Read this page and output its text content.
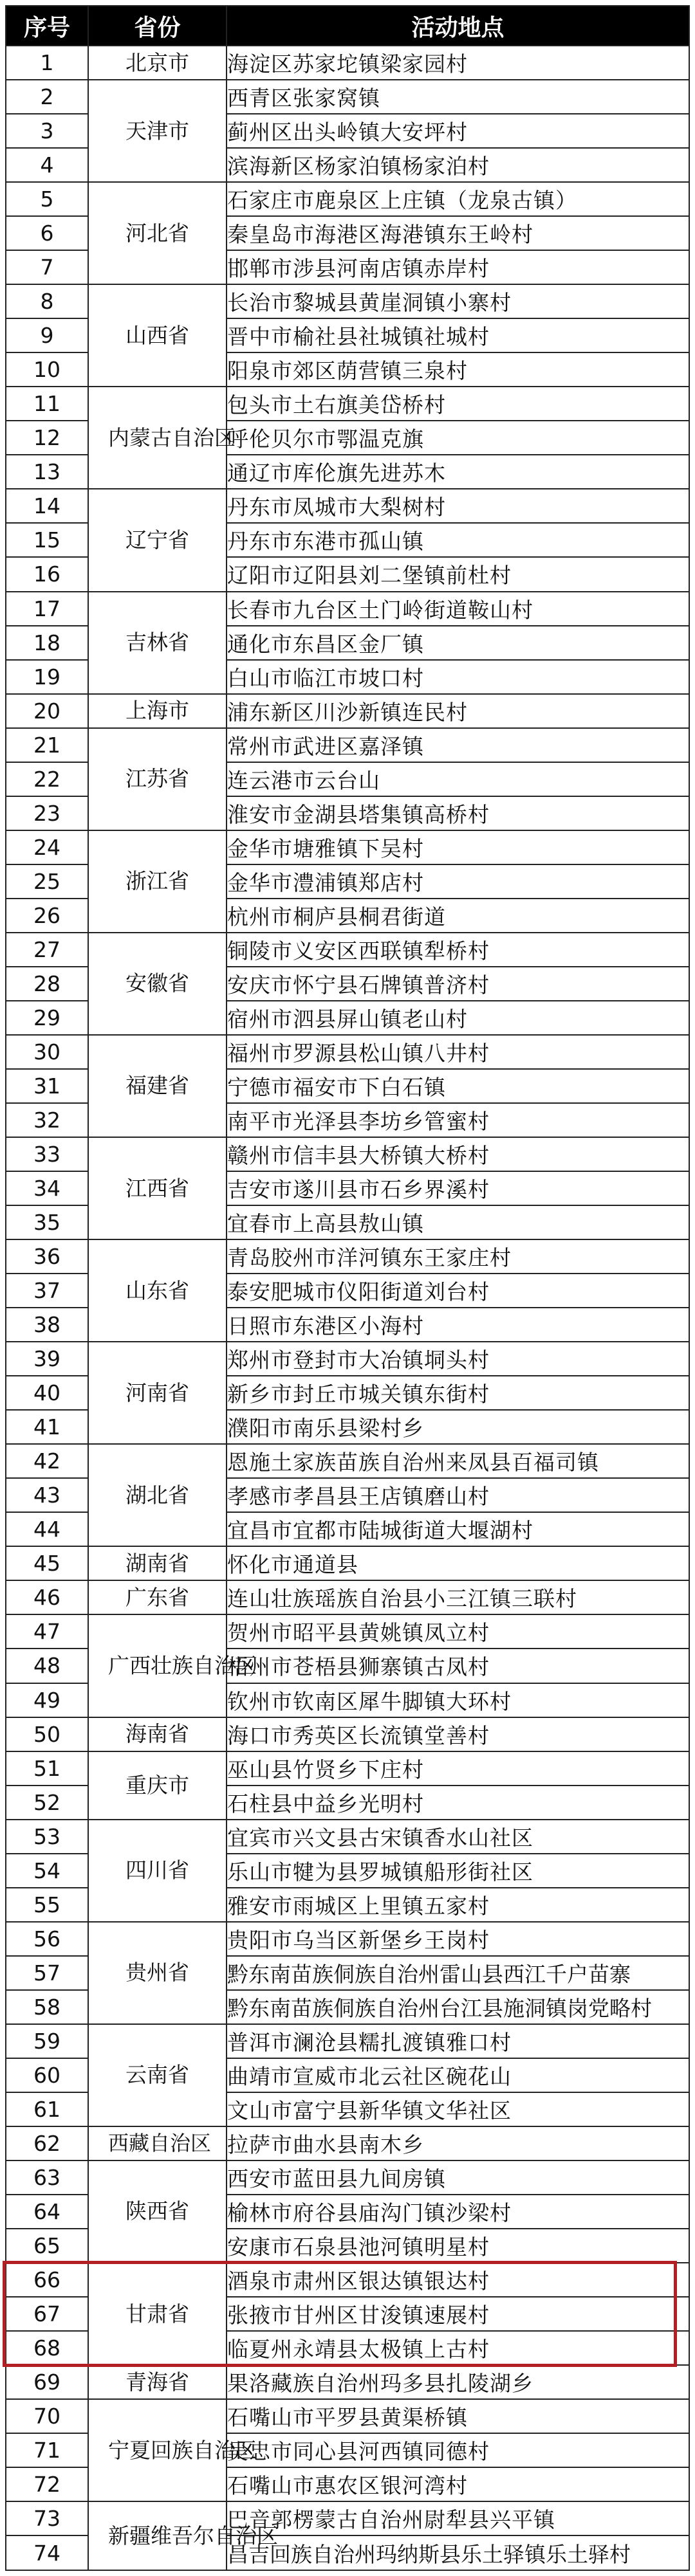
序号	省份	活动地点
1	北京市	海淀区苏家坨镇梁家园村
2	天津市	西青区张家窝镇
3		蓟州区出头岭镇大安坪村
4		滨海新区杨家泊镇杨家泊村
5	河北省	石家庄市鹿泉区上庄镇（龙泉古镇）
6		秦皇岛市海港区海港镇东王岭村
7		邯郸市涉县河南店镇赤岸村
8	山西省	长治市黎城县黄崖洞镇小寨村
9		晋中市榆社县社城镇社城村
10		阳泉市郊区荫营镇三泉村
11	内蒙古自治区	包头市土右旗美岱桥村
12		呼伦贝尔市鄂温克旗
13		通辽市库伦旗先进苏木
14	辽宁省	丹东市凤城市大梨树村
15		丹东市东港市孤山镇
16		辽阳市辽阳县刘二堡镇前杜村
17	吉林省	长春市九台区土门岭街道鞍山村
18		通化市东昌区金厂镇
19		白山市临江市坡口村
20	上海市	浦东新区川沙新镇连民村
21	江苏省	常州市武进区嘉泽镇
22		连云港市云台山
23		淮安市金湖县塔集镇高桥村
24	浙江省	金华市塘雅镇下吴村
25		金华市澧浦镇郑店村
26		杭州市桐庐县桐君街道
27	安徽省	铜陵市义安区西联镇犁桥村
28		安庆市怀宁县石牌镇普济村
29		宿州市泗县屏山镇老山村
30	福建省	福州市罗源县松山镇八井村
31		宁德市福安市下白石镇
32		南平市光泽县李坊乡管蜜村
33	江西省	赣州市信丰县大桥镇大桥村
34		吉安市遂川县市石乡界溪村
35		宜春市上高县敖山镇
36	山东省	青岛胶州市洋河镇东王家庄村
37		泰安肥城市仪阳街道刘台村
38		日照市东港区小海村
39	河南省	郑州市登封市大冶镇垌头村
40		新乡市封丘市城关镇东街村
41		濮阳市南乐县梁村乡
42	湖北省	恩施土家族苗族自治州来凤县百福司镇
43		孝感市孝昌县王店镇磨山村
44		宜昌市宜都市陆城街道大堰湖村
45	湖南省	怀化市通道县
46	广东省	连山壮族瑶族自治县小三江镇三联村
47	广西壮族自治区	贺州市昭平县黄姚镇凤立村
48		梧州市苍梧县狮寨镇古凤村
49		钦州市钦南区犀牛脚镇大环村
50	海南省	海口市秀英区长流镇堂善村
51	重庆市	巫山县竹贤乡下庄村
52		石柱县中益乡光明村
53	四川省	宜宾市兴文县古宋镇香水山社区
54		乐山市犍为县罗城镇船形街社区
55		雅安市雨城区上里镇五家村
56	贵州省	贵阳市乌当区新堡乡王岗村
57		黔东南苗族侗族自治州雷山县西江千户苗寨
58		黔东南苗族侗族自治州台江县施洞镇岗党略村
59	云南省	普洱市澜沧县糯扎渡镇雅口村
60		曲靖市宣威市北云社区碗花山
61		文山市富宁县新华镇文华社区
62	西藏自治区	拉萨市曲水县南木乡
63	陕西省	西安市蓝田县九间房镇
64		榆林市府谷县庙沟门镇沙梁村
65		安康市石泉县池河镇明星村
66	甘肃省	酒泉市肃州区银达镇银达村
67		张掖市甘州区甘浚镇速展村
68		临夏州永靖县太极镇上古村
69	青海省	果洛藏族自治州玛多县扎陵湖乡
70	宁夏回族自治区	石嘴山市平罗县黄渠桥镇
71		吴忠市同心县河西镇同德村
72		石嘴山市惠农区银河湾村
73	新疆维吾尔自治区	巴音郭楞蒙古自治州尉犁县兴平镇
74		昌吉回族自治州玛纳斯县乐土驿镇乐土驿村
